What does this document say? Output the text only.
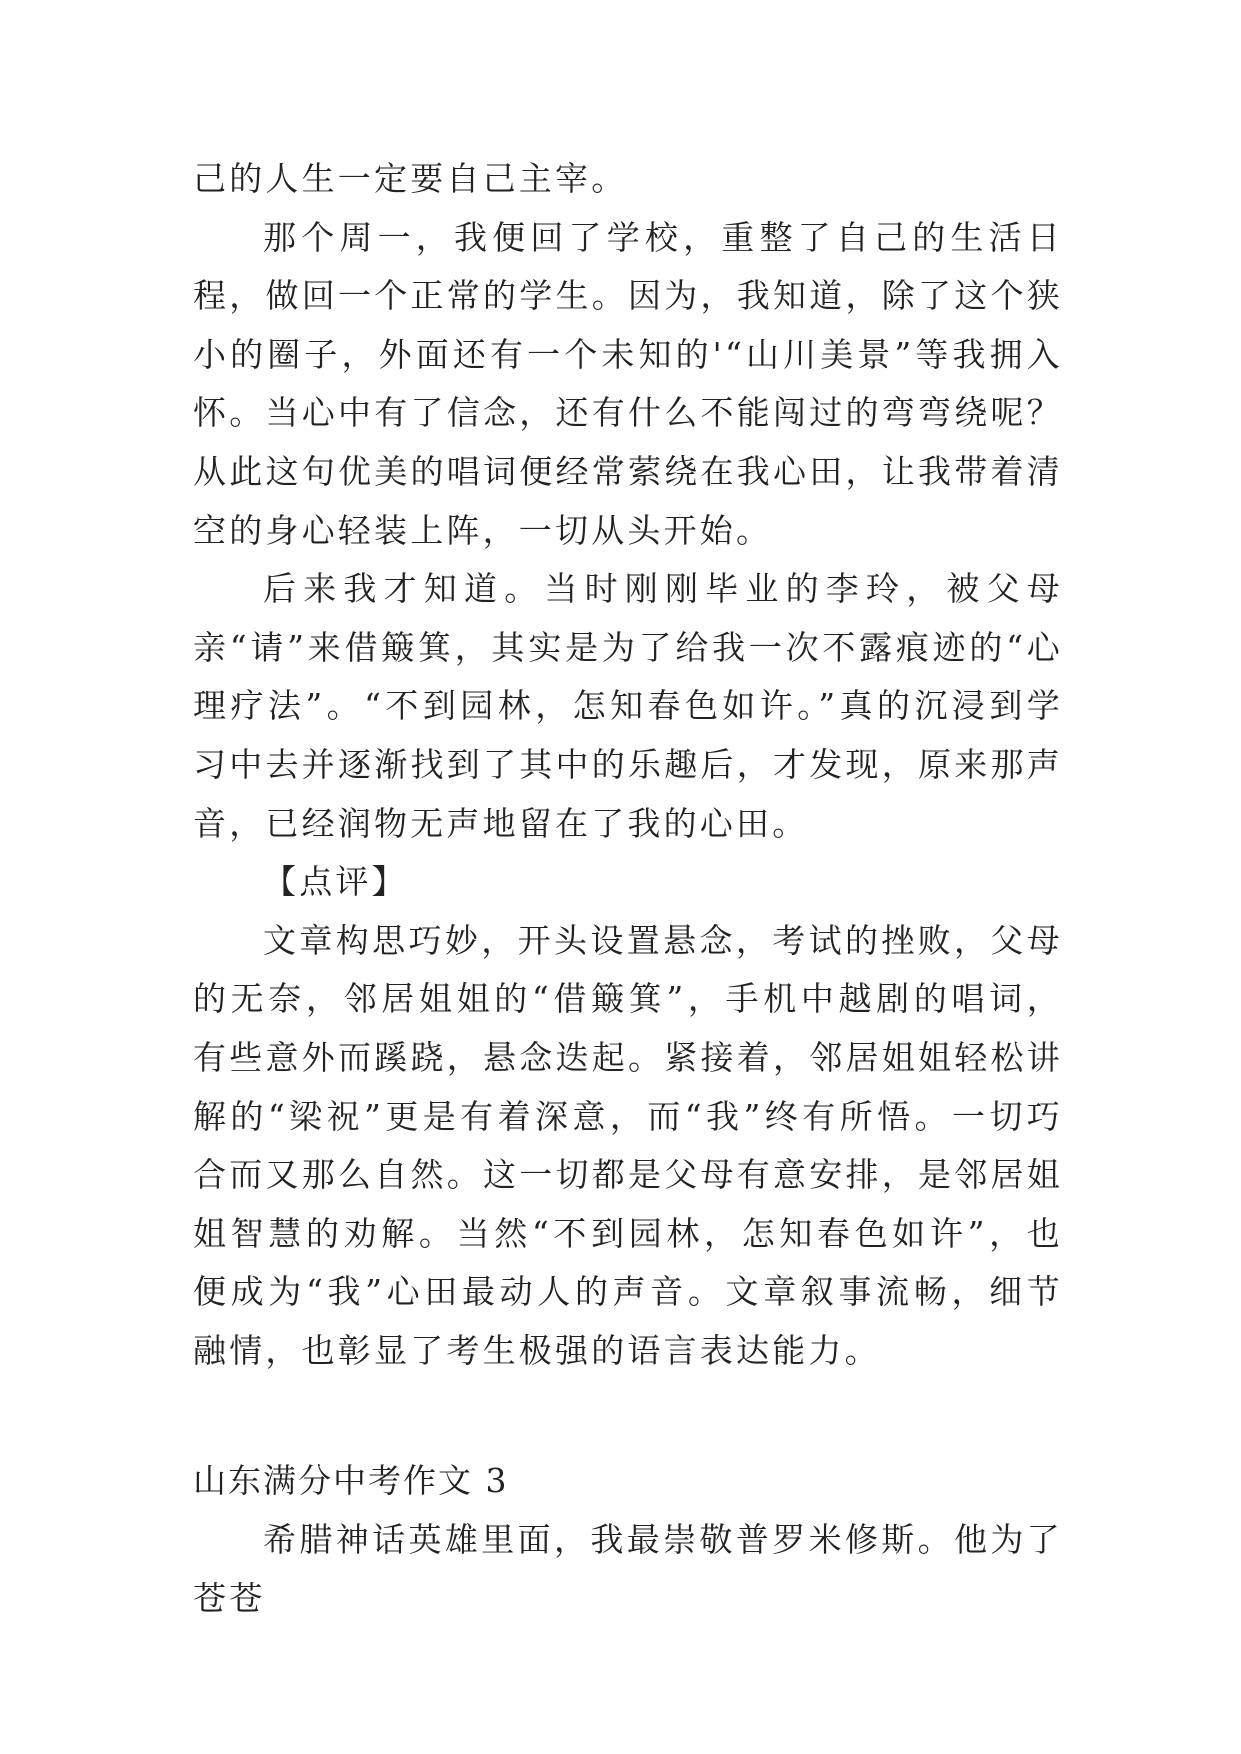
己的人生一定要自己主宰。

那个周一，我便回了学校，重整了自己的生活日程，做回一个正常的学生。因为，我知道，除了这个狭小的圈子，外面还有一个未知的'“山川美景”等我拥入怀。当心中有了信念，还有什么不能闯过的弯弯绕呢？从此这句优美的唱词便经常萦绕在我心田，让我带着清空的身心轻装上阵，一切从头开始。

后来我才知道。当时刚刚毕业的李玲，被父母亲“请”来借簸箕，其实是为了给我一次不露痕迹的“心理疗法”。“不到园林，怎知春色如许。”真的沉浸到学习中去并逐渐找到了其中的乐趣后，才发现，原来那声音，已经润物无声地留在了我的心田。

【点评】

文章构思巧妙，开头设置悬念，考试的挫败，父母的无奈，邻居姐姐的“借簸箕”，手机中越剧的唱词，有些意外而蹊跷，悬念迭起。紧接着，邻居姐姐轻松讲解的“梁祝”更是有着深意，而“我”终有所悟。一切巧合而又那么自然。这一切都是父母有意安排，是邻居姐姐智慧的劝解。当然“不到园林，怎知春色如许”，也便成为“我”心田最动人的声音。文章叙事流畅，细节融情，也彰显了考生极强的语言表达能力。

山东满分中考作文 3

希腊神话英雄里面，我最崇敬普罗米修斯。他为了苍苍
